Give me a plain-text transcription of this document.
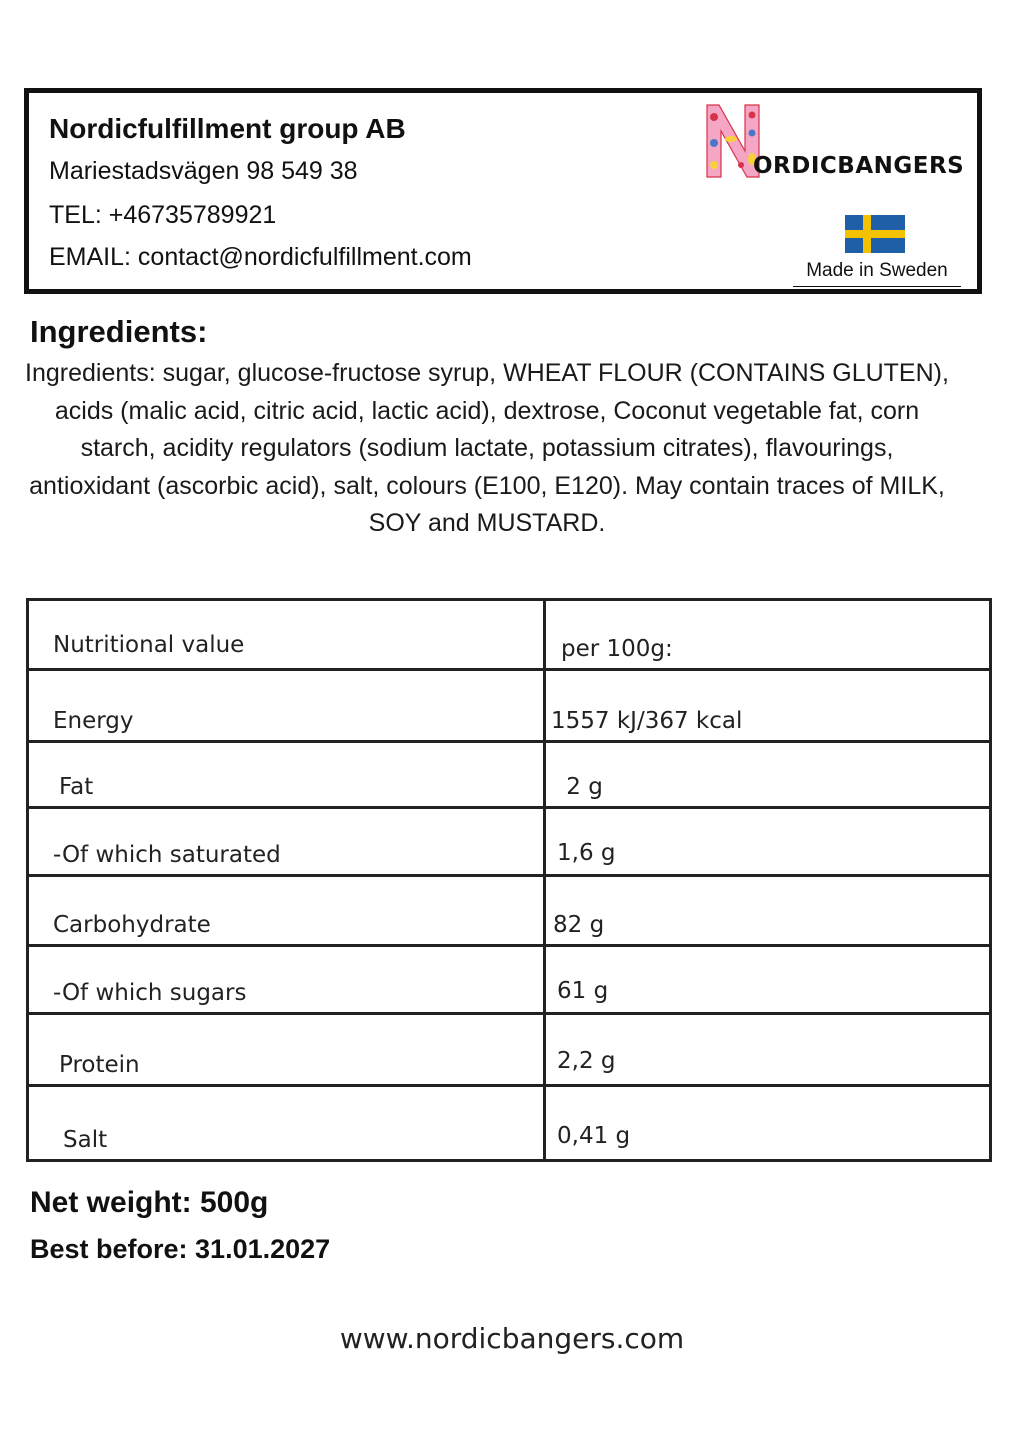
Nordicfulfillment group AB

Mariestadsvägen 98 549 38

TEL: +46735789921

EMAIL: contact@nordicfulfillment.com

ORDICBANGERS
Made in Sweden
Ingredients:

Ingredients: sugar, glucose-fructose syrup, WHEAT FLOUR (CONTAINS GLUTEN), acids (malic acid, citric acid, lactic acid), dextrose, Coconut vegetable fat, corn starch, acidity regulators (sodium lactate, potassium citrates), flavourings, antioxidant (ascorbic acid), salt, colours (E100, E120). May contain traces of MILK, SOY and MUSTARD.

Nutritional value	per 100g:
Energy	1557 kJ/367 kcal
Fat	2 g
-Of which saturated	1,6 g
Carbohydrate	82 g
-Of which sugars	61 g
Protein	2,2 g
Salt	0,41 g

Net weight: 500g

Best before: 31.01.2027

www.nordicbangers.com
